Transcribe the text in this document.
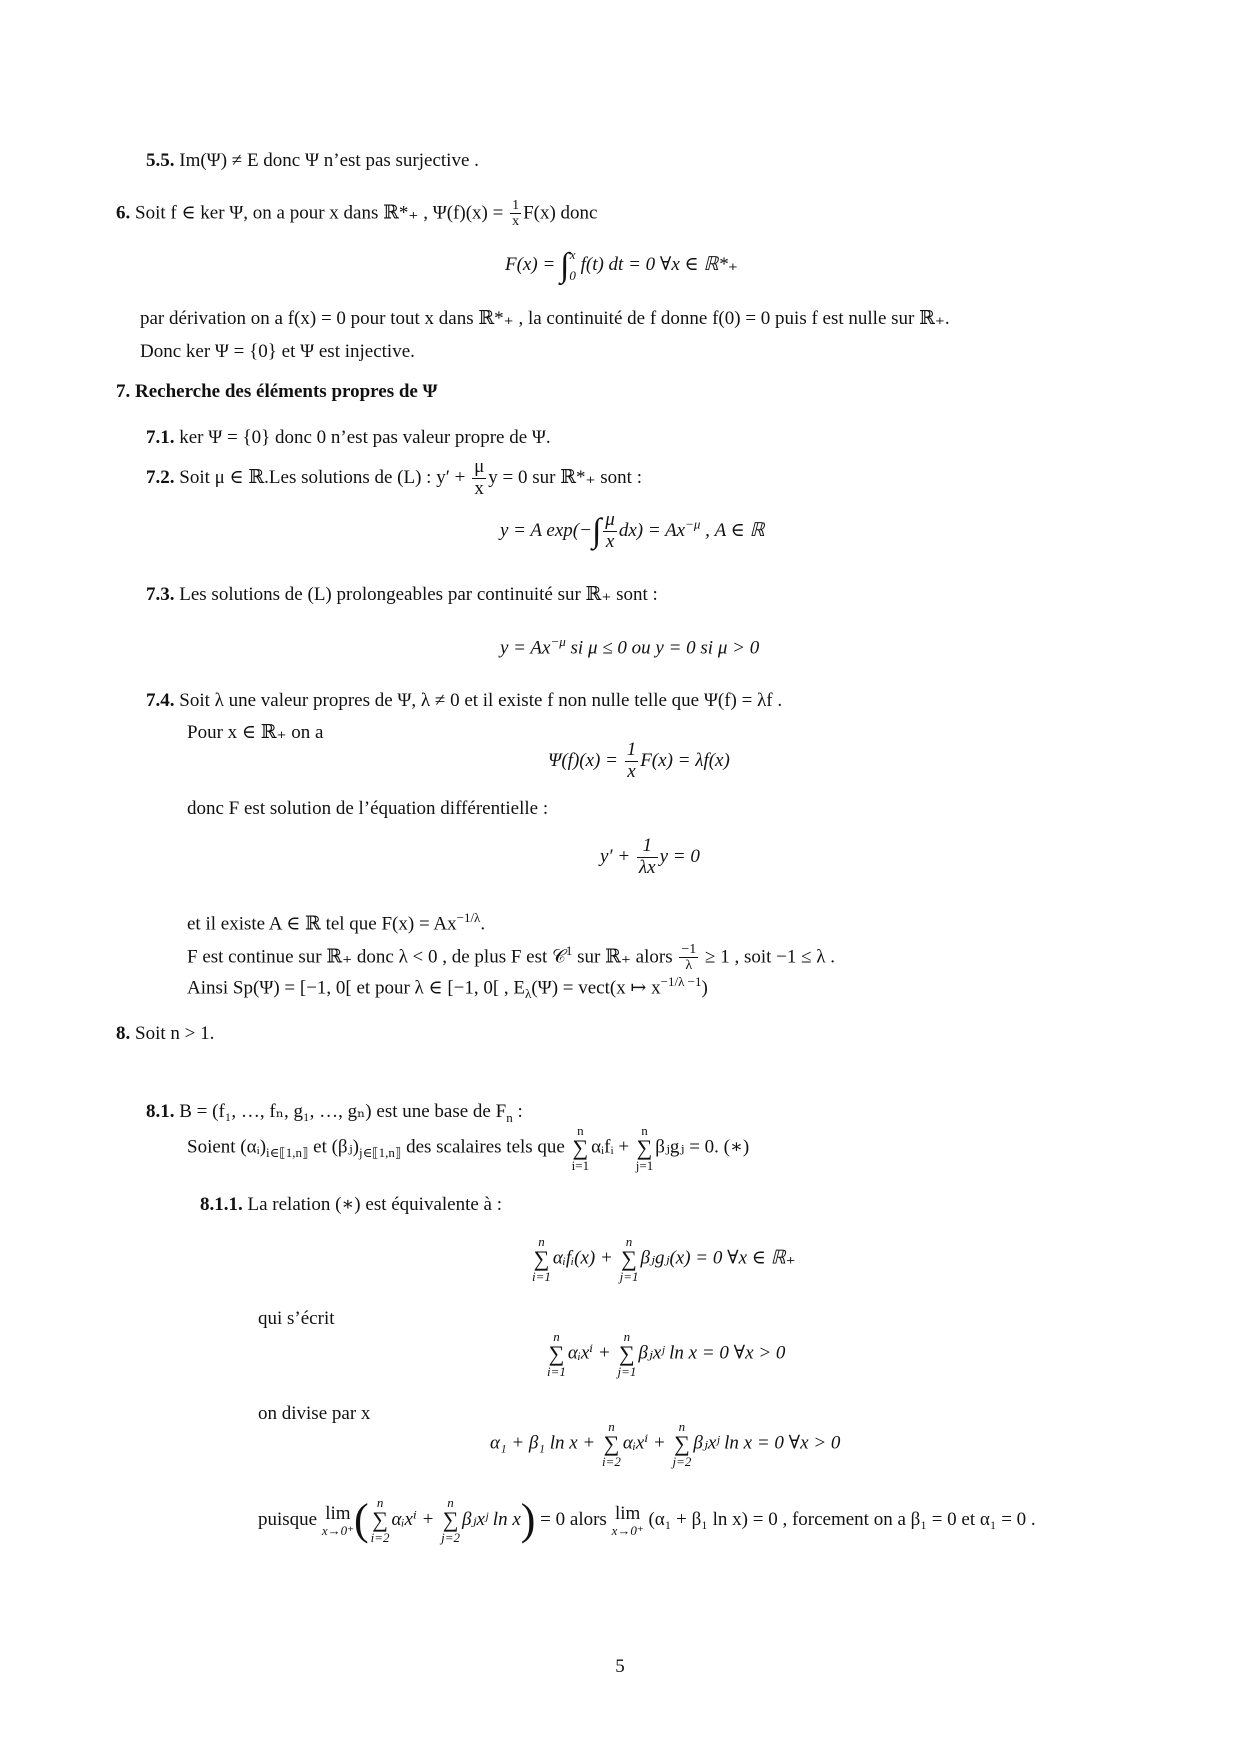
5.5. Im(Ψ) ≠ E donc Ψ n’est pas surjective .
6. Soit f ∈ ker Ψ, on a pour x dans ℝ*₊ , $\Psi(f)(x) = \frac{1}{x} F(x)$ donc
F(x) = ∫ x
0
f(t) dt = 0 ∀x ∈ ℝ*₊
par dérivation on a f(x) = 0 pour tout x dans ℝ*₊ , la continuité de f donne f(0) = 0 puis f est nulle sur ℝ₊.
Donc ker Ψ = {0} et Ψ est injective.
7. Recherche des éléments propres de Ψ
7.1. ker Ψ = {0} donc 0 n’est pas valeur propre de Ψ.
7.2. Soit μ ∈ ℝ.Les solutions de (L) : $y' + \frac{\mu}{x}$ y = 0 sur ℝ*₊ sont :
y = A $\exp(-\int \frac{\mu}{x} dx) = Ax^{-\mu}$ , A ∈ ℝ
7.3. Les solutions de (L) prolongeables par continuité sur ℝ₊ sont :
$y = Ax^{-\mu}$ si μ ≤ 0 ou y = 0 si μ > 0
7.4. Soit λ une valeur propres de Ψ, λ ≠ 0 et il existe f non nulle telle que Ψ(f) = λf .
Pour x ∈ ℝ₊ on a
$\Psi(f)(x) = \frac{1}{x} F(x) = \lambda f(x)$
donc F est solution de l’équation différentielle :
$y' + \frac{1}{\lambda x}$ y = 0
et il existe A ∈ ℝ tel que $F(x) = Ax^{-1/\lambda}$.
F est continue sur ℝ₊ donc λ < 0 , de plus F est 𝒞$^1$ sur ℝ₊ alors $\frac{-1}{\lambda} \ge 1$ , soit −1 ≤ λ .
Ainsi Sp(Ψ) = [−1, 0[ et pour λ ∈ [−1, 0[ , $E_\lambda(\Psi)$ = vect(x ↦ $x^{-1/\lambda -1}$)
8. Soit n > 1.
8.1. B = (f₁, …, fₙ, g₁, …, gₙ) est une base de $F_n$ :
Soient $(\alpha ᵢ)_{i\in⟦1,n⟧}$ et $(\beta ⱼ)_{j\in⟦1,n⟧}$ des scalaires tels que
n
∑
i=1
αᵢfᵢ +
n
∑
j=1
βⱼgⱼ = 0. (∗)
8.1.1. La relation (∗) est équivalente à :
n
∑
i=1
αᵢfᵢ(x) +
n
∑
j=1
βⱼgⱼ(x) = 0 ∀x ∈ ℝ₊
qui s’écrit
n
∑
i=1
αᵢxⁱ +
n
∑
j=1
βⱼxʲ ln x = 0 ∀x > 0
on divise par x
α₁ + β₁ ln x +
n
∑
i=2
αᵢxⁱ +
n
∑
j=2
βⱼxʲ ln x = 0 ∀x > 0
puisque lim
x→0⁺ ( n
∑
i=2
αᵢxⁱ +
n
∑
j=2
βⱼxʲ ln x) = 0 alors lim
x→0⁺
(α₁ + β₁ ln x) = 0 , forcement on a β₁ = 0 et α₁ = 0 .
5
